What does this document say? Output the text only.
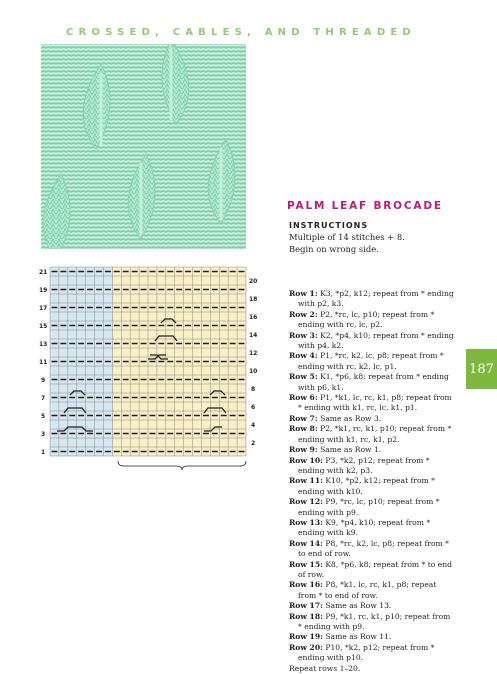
CROSSED, CABLES, AND THREADED
PALM LEAF BROCADE
INSTRUCTIONS
Multiple of 14 stitches + 8.
Begin on wrong side.
Row 1: K3, *p2, k12; repeat from * ending with p2, k3.
Row 2: P2, *rc, lc, p10; repeat from * ending with rc, lc, p2.
Row 3: K2, *p4, k10; repeat from * ending with p4, k2.
Row 4: P1, *rc, k2, lc, p8; repeat from * ending with rc, k2, lc, p1.
Row 5: K1, *p6, k8; repeat from * ending with p6, k1.
Row 6: P1, *k1, lc, rc, k1, p8; repeat from * ending with k1, rc, lc, k1, p1.
Row 7: Same as Row 3.
Row 8: P2, *k1, rc, k1, p10; repeat from * ending with k1, rc, k1, p2.
Row 9: Same as Row 1.
Row 10: P3, *k2, p12; repeat from * ending with k2, p3.
Row 11: K10, *p2, k12; repeat from * ending with k10.
Row 12: P9, *rc, lc, p10; repeat from * ending with p9.
Row 13: K9, *p4, k10; repeat from * ending with k9.
Row 14: P8, *rc, k2, lc, p8; repeat from * to end of row.
Row 15: K8, *p6, k8; repeat from * to end of row.
Row 16: P8, *k1, lc, rc, k1, p8; repeat from * to end of row.
Row 17: Same as Row 13.
Row 18: P9, *k1, rc, k1, p10; repeat from * ending with p9.
Row 19: Same as Row 11.
Row 20: P10, *k2, p12; repeat from * ending with p10.
Repeat rows 1–20.
187
21
19
17
15
13
11
9
7
5
3
1
20
18
16
14
12
10
8
6
4
2
